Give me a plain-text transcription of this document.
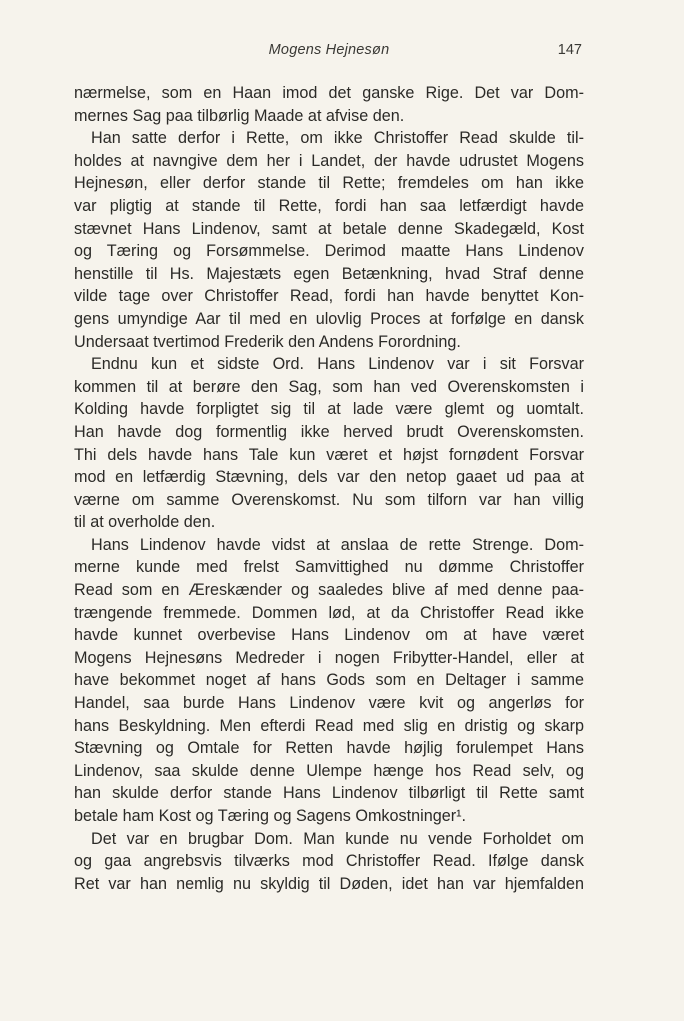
Mogens Hejnesøn	147
nærmelse, som en Haan imod det ganske Rige. Det var Dom-
mernes Sag paa tilbørlig Maade at afvise den.
Han satte derfor i Rette, om ikke Christoffer Read skulde til-
holdes at navngive dem her i Landet, der havde udrustet Mogens
Hejnesøn, eller derfor stande til Rette; fremdeles om han ikke
var pligtig at stande til Rette, fordi han saa letfærdigt havde
stævnet Hans Lindenov, samt at betale denne Skadegæld, Kost
og Tæring og Forsømmelse. Derimod maatte Hans Lindenov
henstille til Hs. Majestæts egen Betænkning, hvad Straf denne
vilde tage over Christoffer Read, fordi han havde benyttet Kon-
gens umyndige Aar til med en ulovlig Proces at forfølge en dansk
Undersaat tvertimod Frederik den Andens Forordning.
Endnu kun et sidste Ord. Hans Lindenov var i sit Forsvar
kommen til at berøre den Sag, som han ved Overenskomsten i
Kolding havde forpligtet sig til at lade være glemt og uomtalt.
Han havde dog formentlig ikke herved brudt Overenskomsten.
Thi dels havde hans Tale kun været et højst fornødent Forsvar
mod en letfærdig Stævning, dels var den netop gaaet ud paa at
værne om samme Overenskomst. Nu som tilforn var han villig
til at overholde den.
Hans Lindenov havde vidst at anslaa de rette Strenge. Dom-
merne kunde med frelst Samvittighed nu dømme Christoffer
Read som en Æreskænder og saaledes blive af med denne paa-
trængende fremmede. Dommen lød, at da Christoffer Read ikke
havde kunnet overbevise Hans Lindenov om at have været
Mogens Hejnesøns Medreder i nogen Fribytter-Handel, eller at
have bekommet noget af hans Gods som en Deltager i samme
Handel, saa burde Hans Lindenov være kvit og angerløs for
hans Beskyldning. Men efterdi Read med slig en dristig og skarp
Stævning og Omtale for Retten havde højlig forulempet Hans
Lindenov, saa skulde denne Ulempe hænge hos Read selv, og
han skulde derfor stande Hans Lindenov tilbørligt til Rette samt
betale ham Kost og Tæring og Sagens Omkostninger¹.
Det var en brugbar Dom. Man kunde nu vende Forholdet om
og gaa angrebsvis tilværks mod Christoffer Read. Ifølge dansk
Ret var han nemlig nu skyldig til Døden, idet han var hjemfalden
